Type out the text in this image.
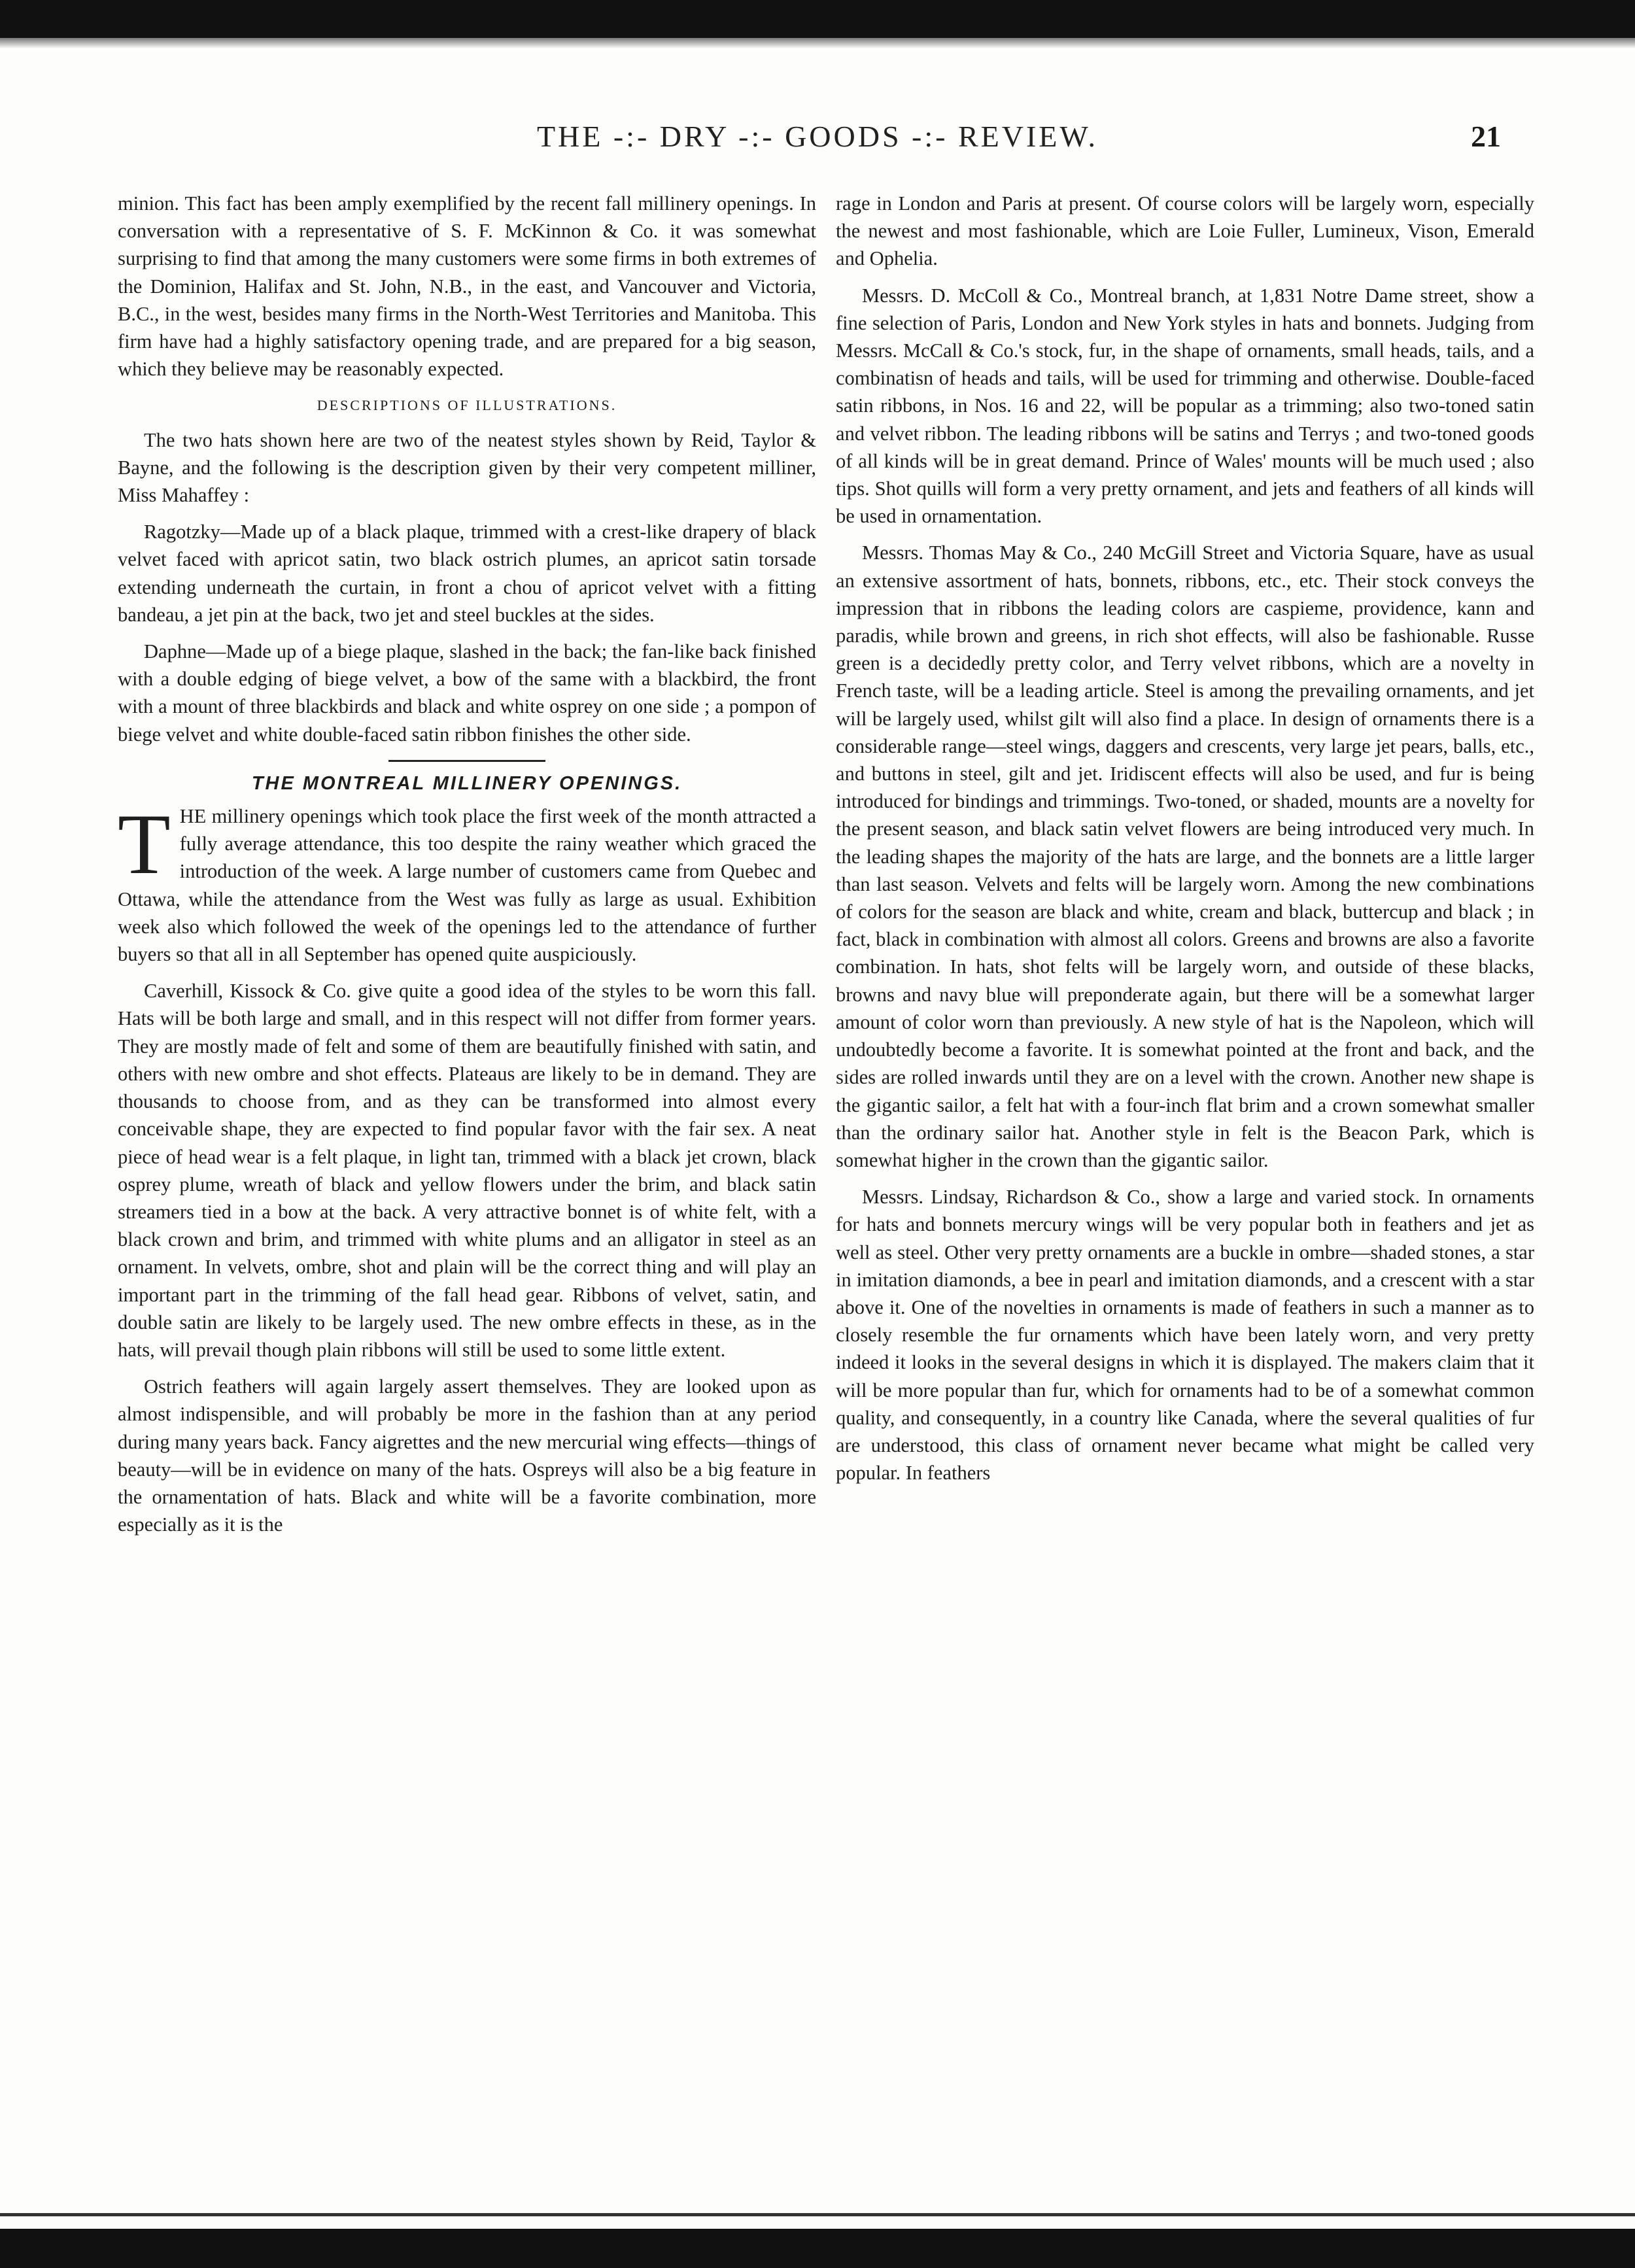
THE -:- DRY -:- GOODS -:- REVIEW.	21

minion. This fact has been amply exemplified by the recent fall millinery openings. In conversation with a representative of S. F. McKinnon & Co. it was somewhat surprising to find that among the many customers were some firms in both extremes of the Dominion, Halifax and St. John, N.B., in the east, and Vancouver and Victoria, B.C., in the west, besides many firms in the North-West Territories and Manitoba. This firm have had a highly satisfactory opening trade, and are prepared for a big season, which they believe may be reasonably expected.

DESCRIPTIONS OF ILLUSTRATIONS.

The two hats shown here are two of the neatest styles shown by Reid, Taylor & Bayne, and the following is the description given by their very competent milliner, Miss Mahaffey :

Ragotzky—Made up of a black plaque, trimmed with a crest-like drapery of black velvet faced with apricot satin, two black ostrich plumes, an apricot satin torsade extending underneath the curtain, in front a chou of apricot velvet with a fitting bandeau, a jet pin at the back, two jet and steel buckles at the sides.

Daphne—Made up of a biege plaque, slashed in the back; the fan-like back finished with a double edging of biege velvet, a bow of the same with a blackbird, the front with a mount of three blackbirds and black and white osprey on one side ; a pompon of biege velvet and white double-faced satin ribbon finishes the other side.

THE MONTREAL MILLINERY OPENINGS.

THE millinery openings which took place the first week of the month attracted a fully average attendance, this too despite the rainy weather which graced the introduction of the week. A large number of customers came from Quebec and Ottawa, while the attendance from the West was fully as large as usual. Exhibition week also which followed the week of the openings led to the attendance of further buyers so that all in all September has opened quite auspiciously.

Caverhill, Kissock & Co. give quite a good idea of the styles to be worn this fall. Hats will be both large and small, and in this respect will not differ from former years. They are mostly made of felt and some of them are beautifully finished with satin, and others with new ombre and shot effects. Plateaus are likely to be in demand. They are thousands to choose from, and as they can be transformed into almost every conceivable shape, they are expected to find popular favor with the fair sex. A neat piece of head wear is a felt plaque, in light tan, trimmed with a black jet crown, black osprey plume, wreath of black and yellow flowers under the brim, and black satin streamers tied in a bow at the back. A very attractive bonnet is of white felt, with a black crown and brim, and trimmed with white plums and an alligator in steel as an ornament. In velvets, ombre, shot and plain will be the correct thing and will play an important part in the trimming of the fall head gear. Ribbons of velvet, satin, and double satin are likely to be largely used. The new ombre effects in these, as in the hats, will prevail though plain ribbons will still be used to some little extent.

Ostrich feathers will again largely assert themselves. They are looked upon as almost indispensible, and will probably be more in the fashion than at any period during many years back. Fancy aigrettes and the new mercurial wing effects—things of beauty—will be in evidence on many of the hats. Ospreys will also be a big feature in the ornamentation of hats. Black and white will be a favorite combination, more especially as it is the

rage in London and Paris at present. Of course colors will be largely worn, especially the newest and most fashionable, which are Loie Fuller, Lumineux, Vison, Emerald and Ophelia.

Messrs. D. McColl & Co., Montreal branch, at 1,831 Notre Dame street, show a fine selection of Paris, London and New York styles in hats and bonnets. Judging from Messrs. McCall & Co.'s stock, fur, in the shape of ornaments, small heads, tails, and a combinatisn of heads and tails, will be used for trimming and otherwise. Double-faced satin ribbons, in Nos. 16 and 22, will be popular as a trimming; also two-toned satin and velvet ribbon. The leading ribbons will be satins and Terrys ; and two-toned goods of all kinds will be in great demand. Prince of Wales' mounts will be much used ; also tips. Shot quills will form a very pretty ornament, and jets and feathers of all kinds will be used in ornamentation.

Messrs. Thomas May & Co., 240 McGill Street and Victoria Square, have as usual an extensive assortment of hats, bonnets, ribbons, etc., etc. Their stock conveys the impression that in ribbons the leading colors are caspieme, providence, kann and paradis, while brown and greens, in rich shot effects, will also be fashionable. Russe green is a decidedly pretty color, and Terry velvet ribbons, which are a novelty in French taste, will be a leading article. Steel is among the prevailing ornaments, and jet will be largely used, whilst gilt will also find a place. In design of ornaments there is a considerable range—steel wings, daggers and crescents, very large jet pears, balls, etc., and buttons in steel, gilt and jet. Iridiscent effects will also be used, and fur is being introduced for bindings and trimmings. Two-toned, or shaded, mounts are a novelty for the present season, and black satin velvet flowers are being introduced very much. In the leading shapes the majority of the hats are large, and the bonnets are a little larger than last season. Velvets and felts will be largely worn. Among the new combinations of colors for the season are black and white, cream and black, buttercup and black ; in fact, black in combination with almost all colors. Greens and browns are also a favorite combination. In hats, shot felts will be largely worn, and outside of these blacks, browns and navy blue will preponderate again, but there will be a somewhat larger amount of color worn than previously. A new style of hat is the Napoleon, which will undoubtedly become a favorite. It is somewhat pointed at the front and back, and the sides are rolled inwards until they are on a level with the crown. Another new shape is the gigantic sailor, a felt hat with a four-inch flat brim and a crown somewhat smaller than the ordinary sailor hat. Another style in felt is the Beacon Park, which is somewhat higher in the crown than the gigantic sailor.

Messrs. Lindsay, Richardson & Co., show a large and varied stock. In ornaments for hats and bonnets mercury wings will be very popular both in feathers and jet as well as steel. Other very pretty ornaments are a buckle in ombre—shaded stones, a star in imitation diamonds, a bee in pearl and imitation diamonds, and a crescent with a star above it. One of the novelties in ornaments is made of feathers in such a manner as to closely resemble the fur ornaments which have been lately worn, and very pretty indeed it looks in the several designs in which it is displayed. The makers claim that it will be more popular than fur, which for ornaments had to be of a somewhat common quality, and consequently, in a country like Canada, where the several qualities of fur are understood, this class of ornament never became what might be called very popular. In feathers
